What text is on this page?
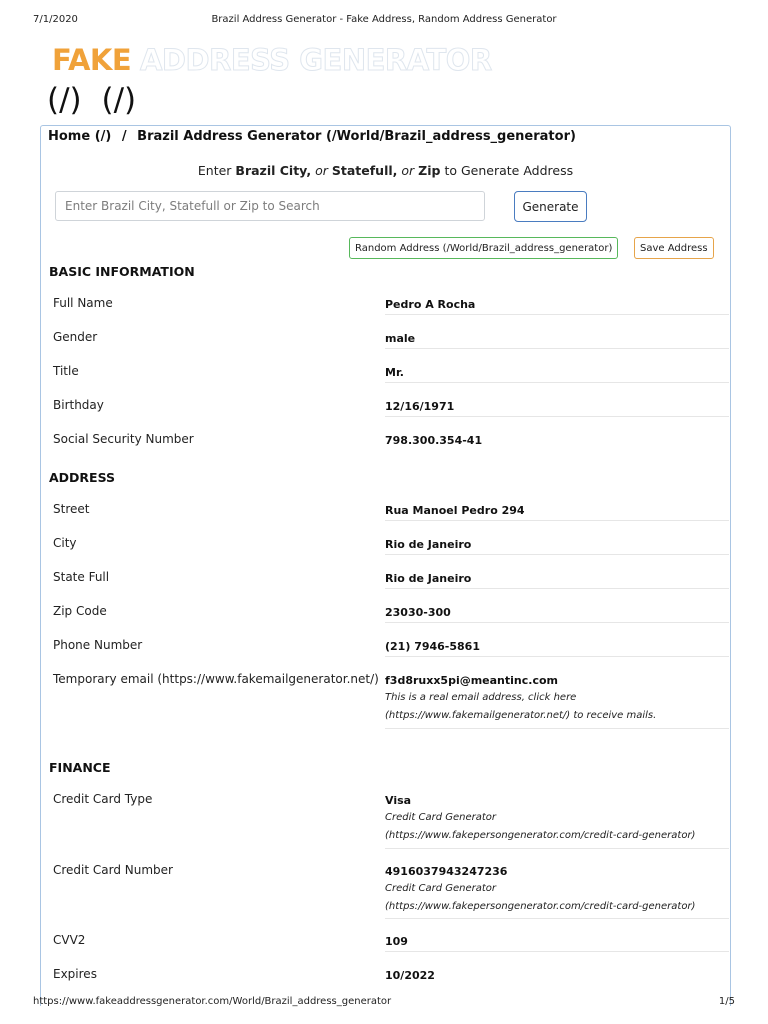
7/1/2020	Brazil Address Generator - Fake Address, Random Address Generator
FAKE ADDRESS GENERATOR
(/) (/)
Home (/) / Brazil Address Generator (/World/Brazil_address_generator)
Enter Brazil City, or Statefull, or Zip to Generate Address
Enter Brazil City, Statefull or Zip to Search
Generate
Random Address (/World/Brazil_address_generator)	Save Address
BASIC INFORMATION
Full Name	Pedro A Rocha
Gender	male
Title	Mr.
Birthday	12/16/1971
Social Security Number	798.300.354-41
ADDRESS
Street	Rua Manoel Pedro 294
City	Rio de Janeiro
State Full	Rio de Janeiro
Zip Code	23030-300
Phone Number	(21) 7946-5861
Temporary email (https://www.fakemailgenerator.net/) f3d8ruxx5pi@meantinc.com
This is a real email address, click here (https://www.fakemailgenerator.net/) to receive mails.
FINANCE
Credit Card Type	Visa
Credit Card Generator (https://www.fakepersongenerator.com/credit-card-generator)
Credit Card Number	4916037943247236
Credit Card Generator (https://www.fakepersongenerator.com/credit-card-generator)
CVV2	109
Expires	10/2022
https://www.fakeaddressgenerator.com/World/Brazil_address_generator	1/5
